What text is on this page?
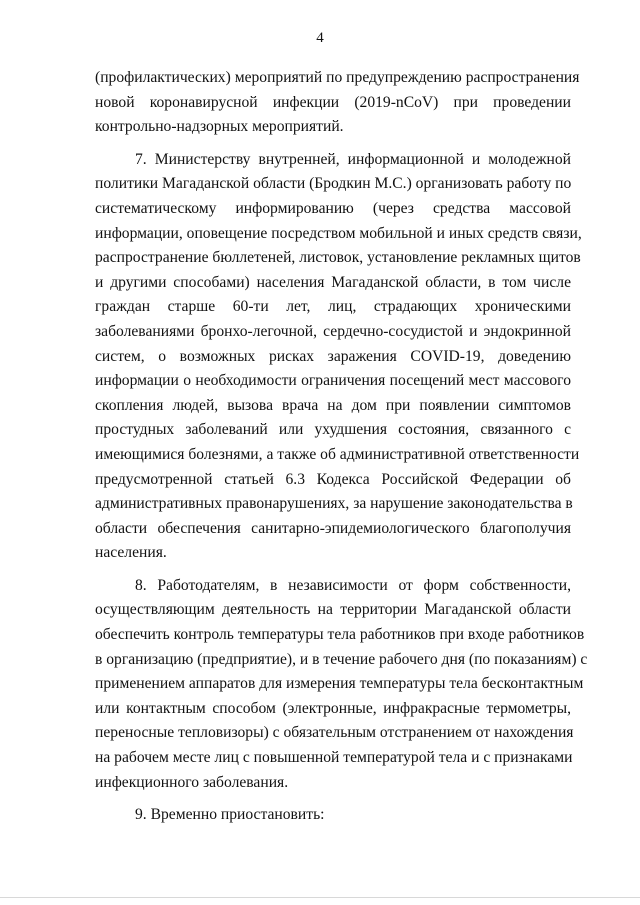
4
(профилактических) мероприятий по предупреждению распространения
новой коронавирусной инфекции (2019-nCoV) при проведении
контрольно-надзорных мероприятий.
7. Министерству внутренней, информационной и молодежной
политики Магаданской области (Бродкин М.С.) организовать работу по
систематическому информированию (через средства массовой
информации, оповещение посредством мобильной и иных средств связи,
распространение бюллетеней, листовок, установление рекламных щитов
и другими способами) населения Магаданской области, в том числе
граждан старше 60-ти лет, лиц, страдающих хроническими
заболеваниями бронхо-легочной, сердечно-сосудистой и эндокринной
систем, о возможных рисках заражения COVID-19, доведению
информации о необходимости ограничения посещений мест массового
скопления людей, вызова врача на дом при появлении симптомов
простудных заболеваний или ухудшения состояния, связанного с
имеющимися болезнями, а также об административной ответственности
предусмотренной статьей 6.3 Кодекса Российской Федерации об
административных правонарушениях, за нарушение законодательства в
области обеспечения санитарно-эпидемиологического благополучия
населения.
8. Работодателям, в независимости от форм собственности,
осуществляющим деятельность на территории Магаданской области
обеспечить контроль температуры тела работников при входе работников
в организацию (предприятие), и в течение рабочего дня (по показаниям) с
применением аппаратов для измерения температуры тела бесконтактным
или контактным способом (электронные, инфракрасные термометры,
переносные тепловизоры) с обязательным отстранением от нахождения
на рабочем месте лиц с повышенной температурой тела и с признаками
инфекционного заболевания.
9. Временно приостановить:
